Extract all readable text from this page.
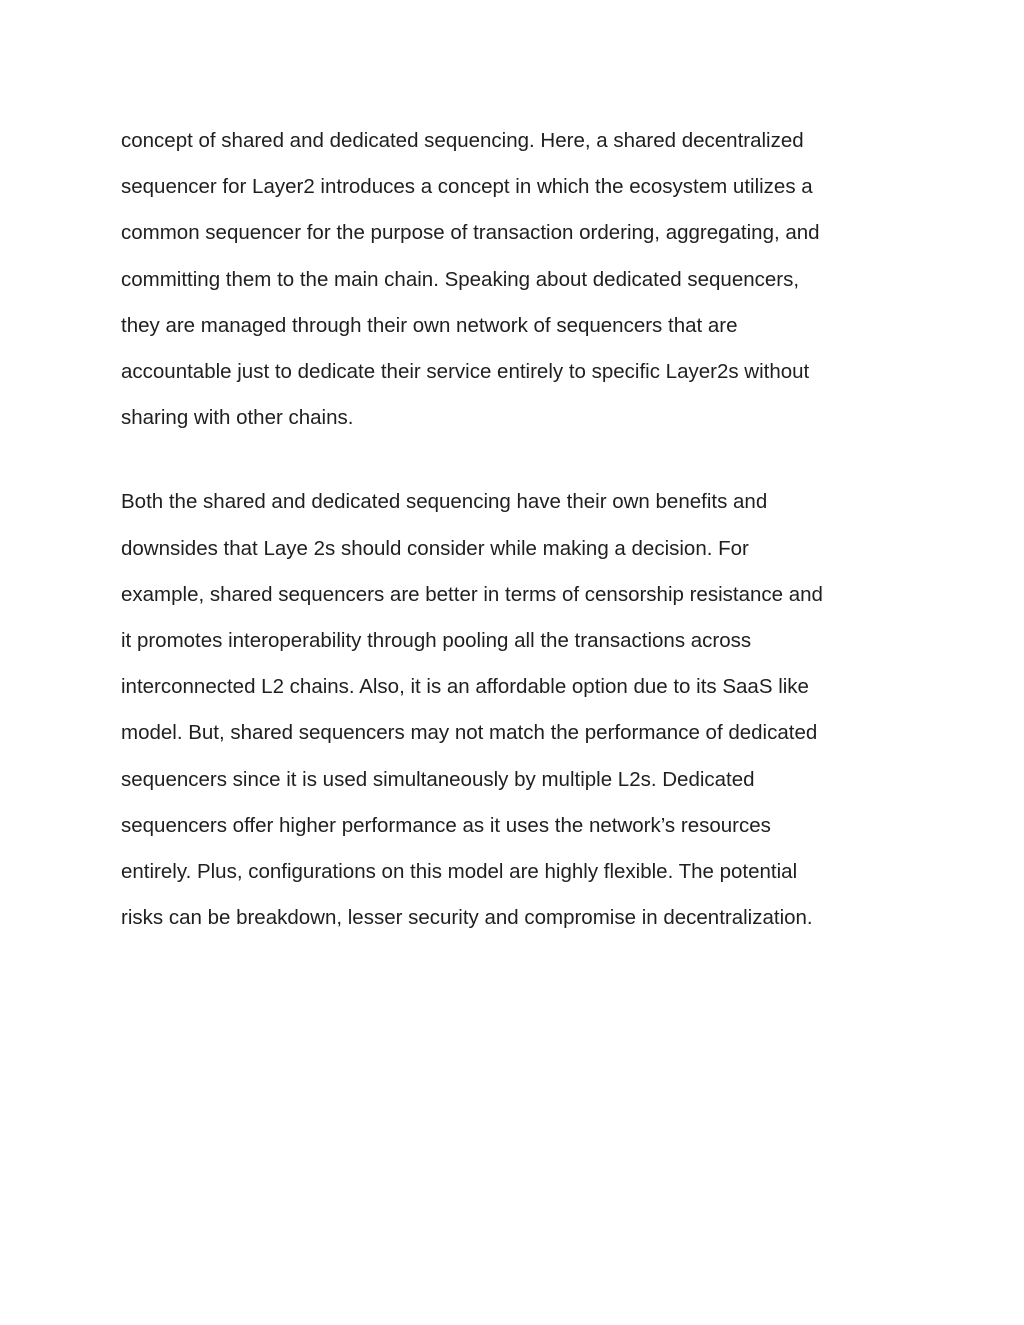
concept of shared and dedicated sequencing. Here, a shared decentralized
sequencer for Layer2 introduces a concept in which the ecosystem utilizes a
common sequencer for the purpose of transaction ordering, aggregating, and
committing them to the main chain. Speaking about dedicated sequencers,
they are managed through their own network of sequencers that are
accountable just to dedicate their service entirely to specific Layer2s without
sharing with other chains.

Both the shared and dedicated sequencing have their own benefits and
downsides that Laye 2s should consider while making a decision. For
example, shared sequencers are better in terms of censorship resistance and
it promotes interoperability through pooling all the transactions across
interconnected L2 chains. Also, it is an affordable option due to its SaaS like
model. But, shared sequencers may not match the performance of dedicated
sequencers since it is used simultaneously by multiple L2s. Dedicated
sequencers offer higher performance as it uses the network’s resources
entirely. Plus, configurations on this model are highly flexible. The potential
risks can be breakdown, lesser security and compromise in decentralization.
